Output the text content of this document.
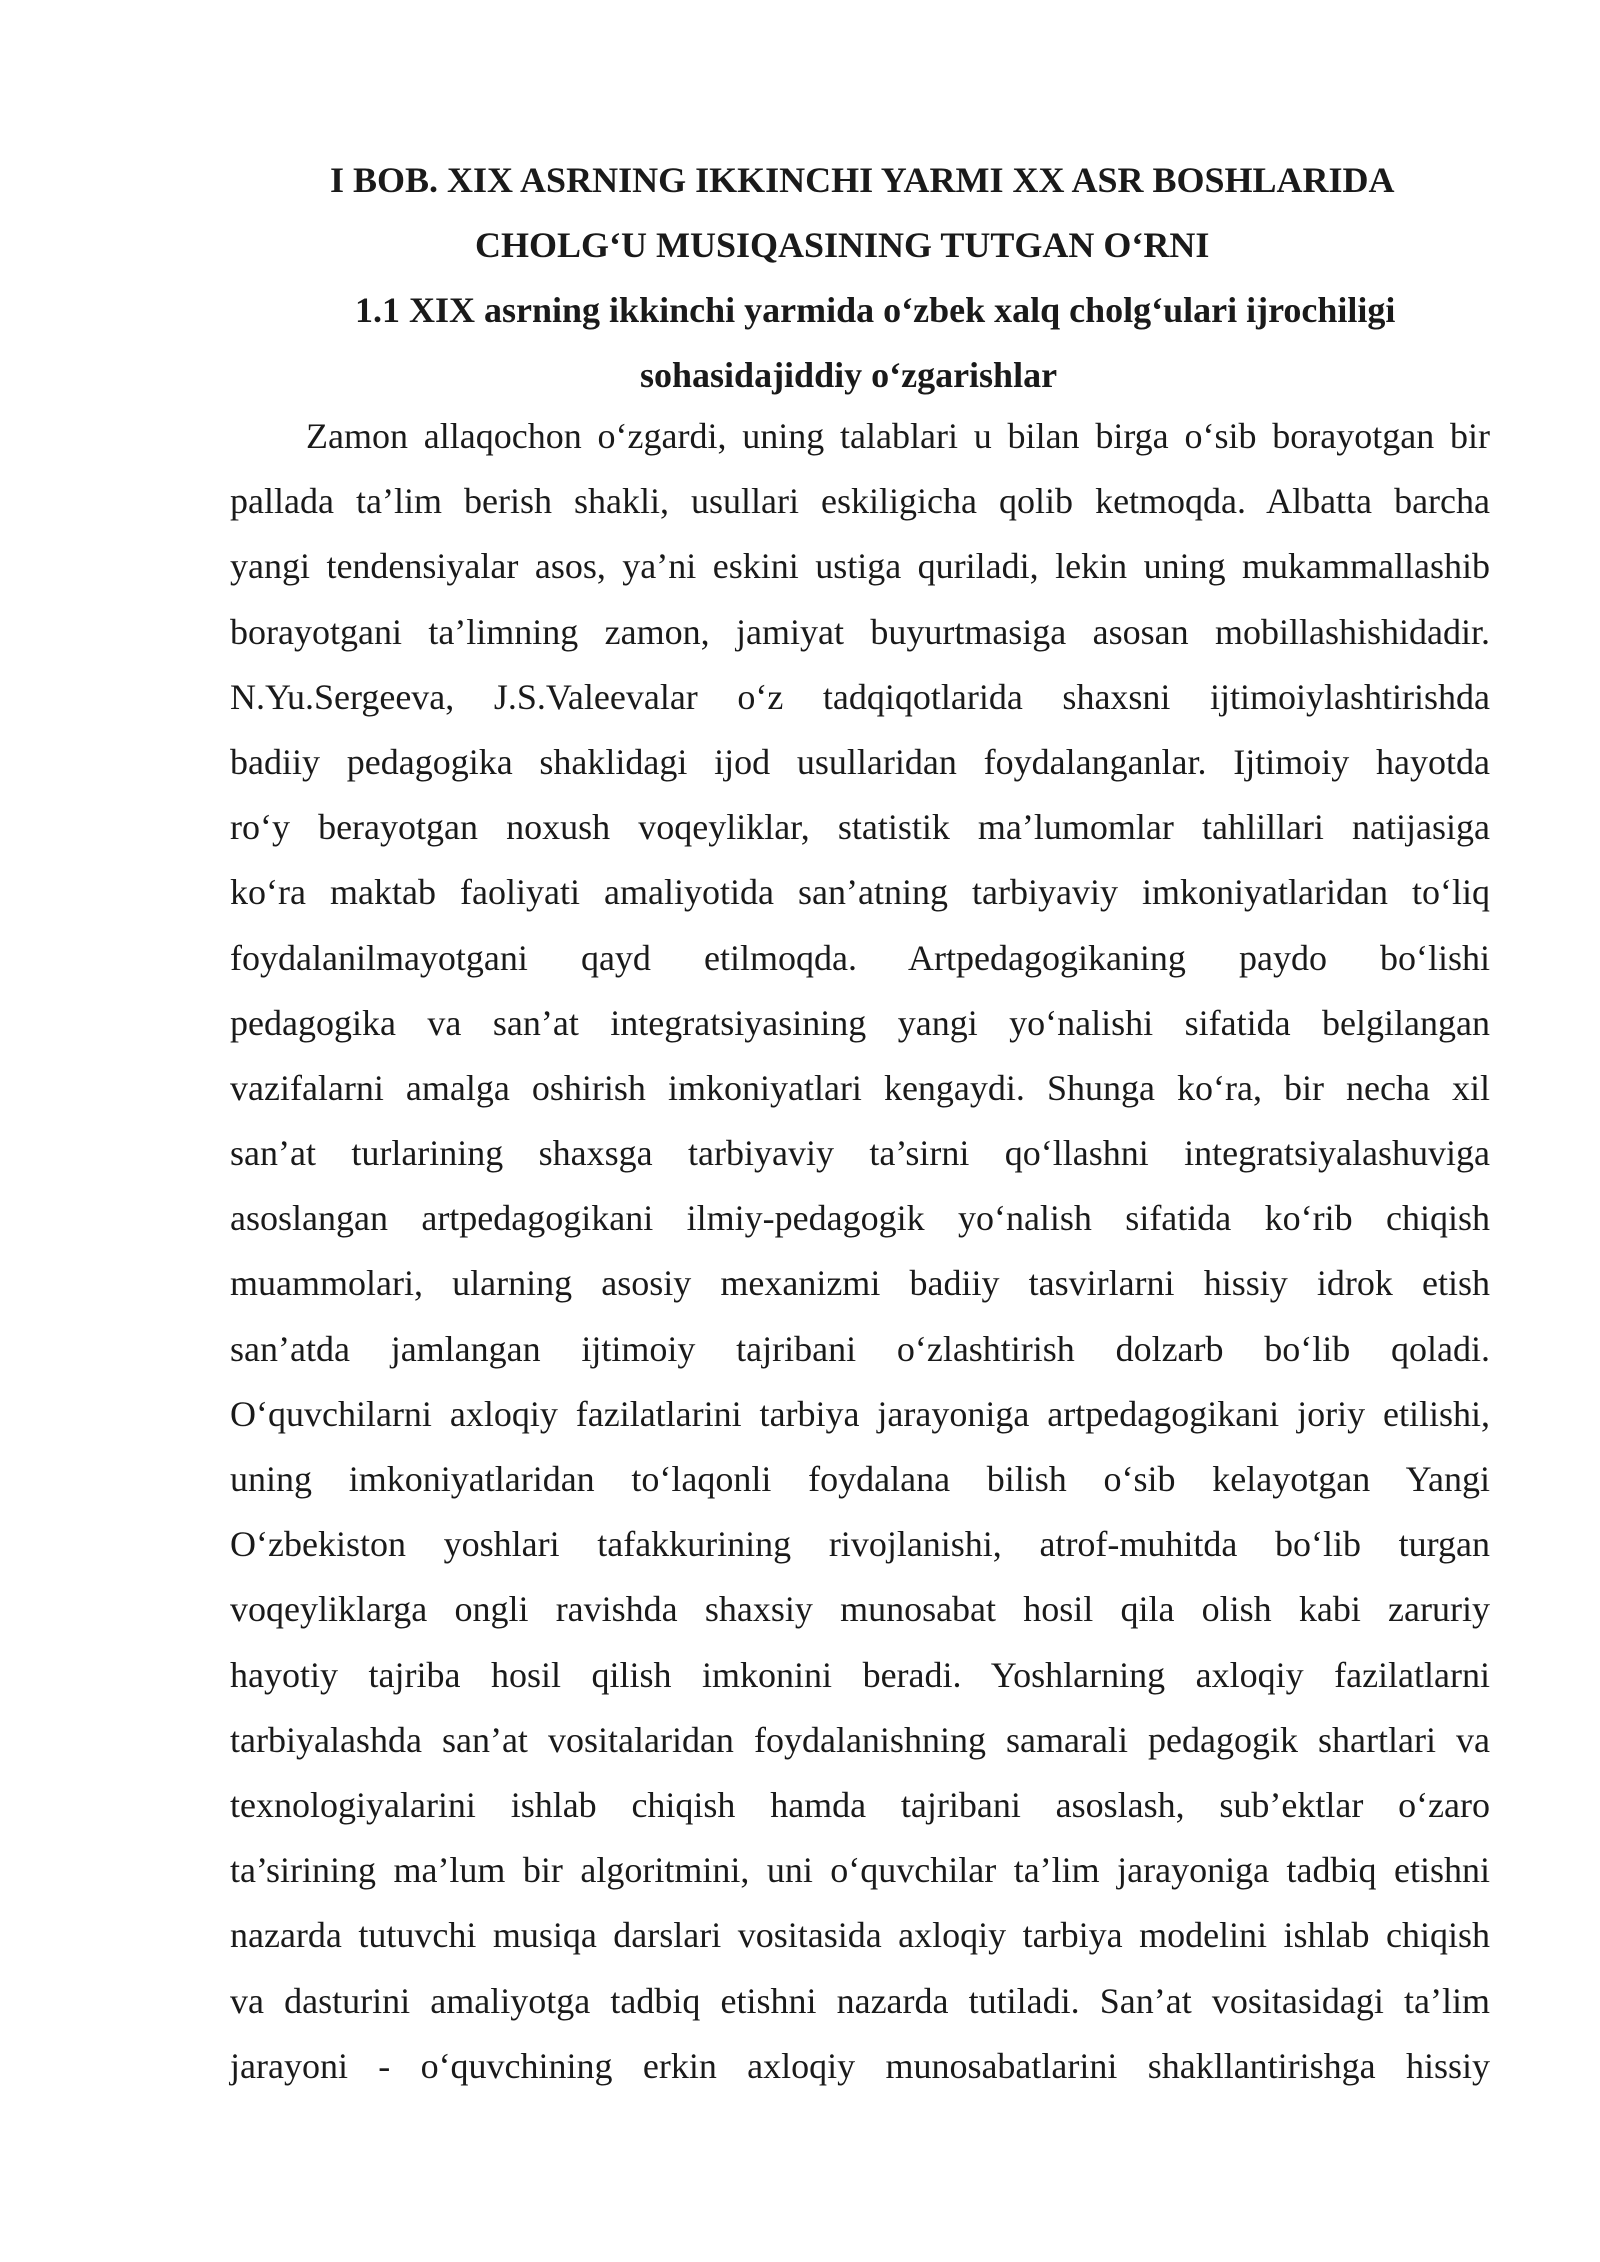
I BOB. XIX ASRNING IKKINCHI YARMI XX ASR BOSHLARIDA
CHOLG‘U MUSIQASINING TUTGAN O‘RNI
1.1 XIX asrning ikkinchi yarmida o‘zbek xalq cholg‘ulari ijrochiligi
sohasidajiddiy o‘zgarishlar

Zamon allaqochon o‘zgardi, uning talablari u bilan birga o‘sib borayotgan bir
pallada ta’lim berish shakli, usullari eskiligicha qolib ketmoqda. Albatta barcha
yangi tendensiyalar asos, ya’ni eskini ustiga quriladi, lekin uning mukammallashib
borayotgani ta’limning zamon, jamiyat buyurtmasiga asosan mobillashishidadir.
N.Yu.Sergeeva, J.S.Valeevalar o‘z tadqiqotlarida shaxsni ijtimoiylashtirishda
badiiy pedagogika shaklidagi ijod usullaridan foydalanganlar. Ijtimoiy hayotda
ro‘y berayotgan noxush voqeyliklar, statistik ma’lumomlar tahlillari natijasiga
ko‘ra maktab faoliyati amaliyotida san’atning tarbiyaviy imkoniyatlaridan to‘liq
foydalanilmayotgani qayd etilmoqda. Artpedagogikaning paydo bo‘lishi
pedagogika va san’at integratsiyasining yangi yo‘nalishi sifatida belgilangan
vazifalarni amalga oshirish imkoniyatlari kengaydi. Shunga ko‘ra, bir necha xil
san’at turlarining shaxsga tarbiyaviy ta’sirni qo‘llashni integratsiyalashuviga
asoslangan artpedagogikani ilmiy-pedagogik yo‘nalish sifatida ko‘rib chiqish
muammolari, ularning asosiy mexanizmi badiiy tasvirlarni hissiy idrok etish
san’atda jamlangan ijtimoiy tajribani o‘zlashtirish dolzarb bo‘lib qoladi.
O‘quvchilarni axloqiy fazilatlarini tarbiya jarayoniga artpedagogikani joriy etilishi,
uning imkoniyatlaridan to‘laqonli foydalana bilish o‘sib kelayotgan Yangi
O‘zbekiston yoshlari tafakkurining rivojlanishi, atrof-muhitda bo‘lib turgan
voqeyliklarga ongli ravishda shaxsiy munosabat hosil qila olish kabi zaruriy
hayotiy tajriba hosil qilish imkonini beradi. Yoshlarning axloqiy fazilatlarni
tarbiyalashda san’at vositalaridan foydalanishning samarali pedagogik shartlari va
texnologiyalarini ishlab chiqish hamda tajribani asoslash, sub’ektlar o‘zaro
ta’sirining ma’lum bir algoritmini, uni o‘quvchilar ta’lim jarayoniga tadbiq etishni
nazarda tutuvchi musiqa darslari vositasida axloqiy tarbiya modelini ishlab chiqish
va dasturini amaliyotga tadbiq etishni nazarda tutiladi. San’at vositasidagi ta’lim
jarayoni - o‘quvchining erkin axloqiy munosabatlarini shakllantirishga hissiy
